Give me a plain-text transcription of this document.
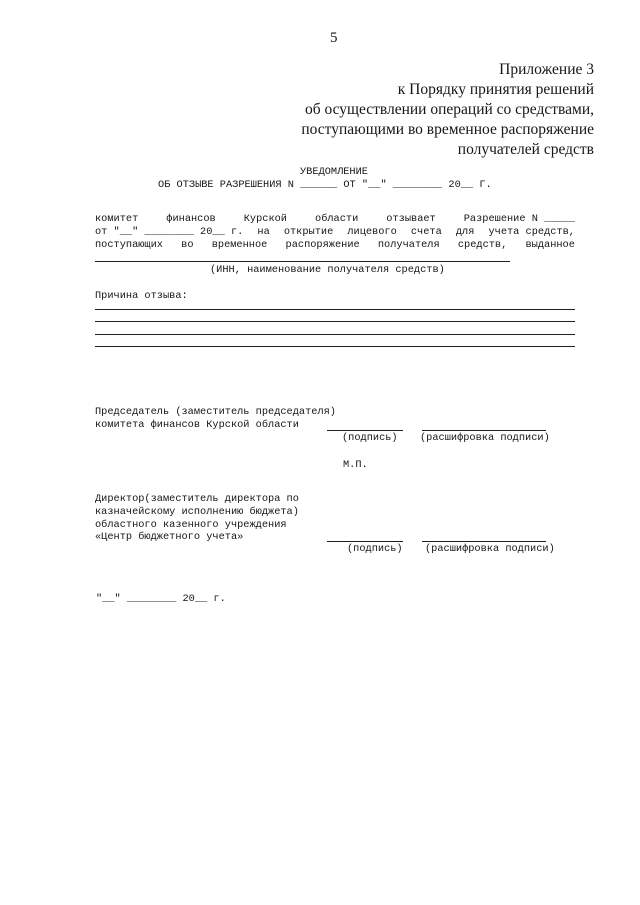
5
Приложение 3
к Порядку принятия решений
об осуществлении операций со средствами,
поступающими во временное распоряжение
получателей средств
УВЕДОМЛЕНИЕ
ОБ ОТЗЫВЕ РАЗРЕШЕНИЯ N ______ ОТ "__" ________ 20__ Г.
комитет	финансов	Курской	области	отзывает	Разрешение N _____
от "__" ________ 20__ г. на открытие лицевого счета для учета средств,
поступающих во временное распоряжение получателя средств, выданное
(ИНН, наименование получателя средств)
Причина отзыва:
Председатель (заместитель председателя)
комитета финансов Курской области
(подпись) (расшифровка подписи)
М.П.
Директор(заместитель директора по
казначейскому исполнению бюджета)
областного казенного учреждения
«Центр бюджетного учета»
(подпись) (расшифровка подписи)
"__" ________ 20__ г.
